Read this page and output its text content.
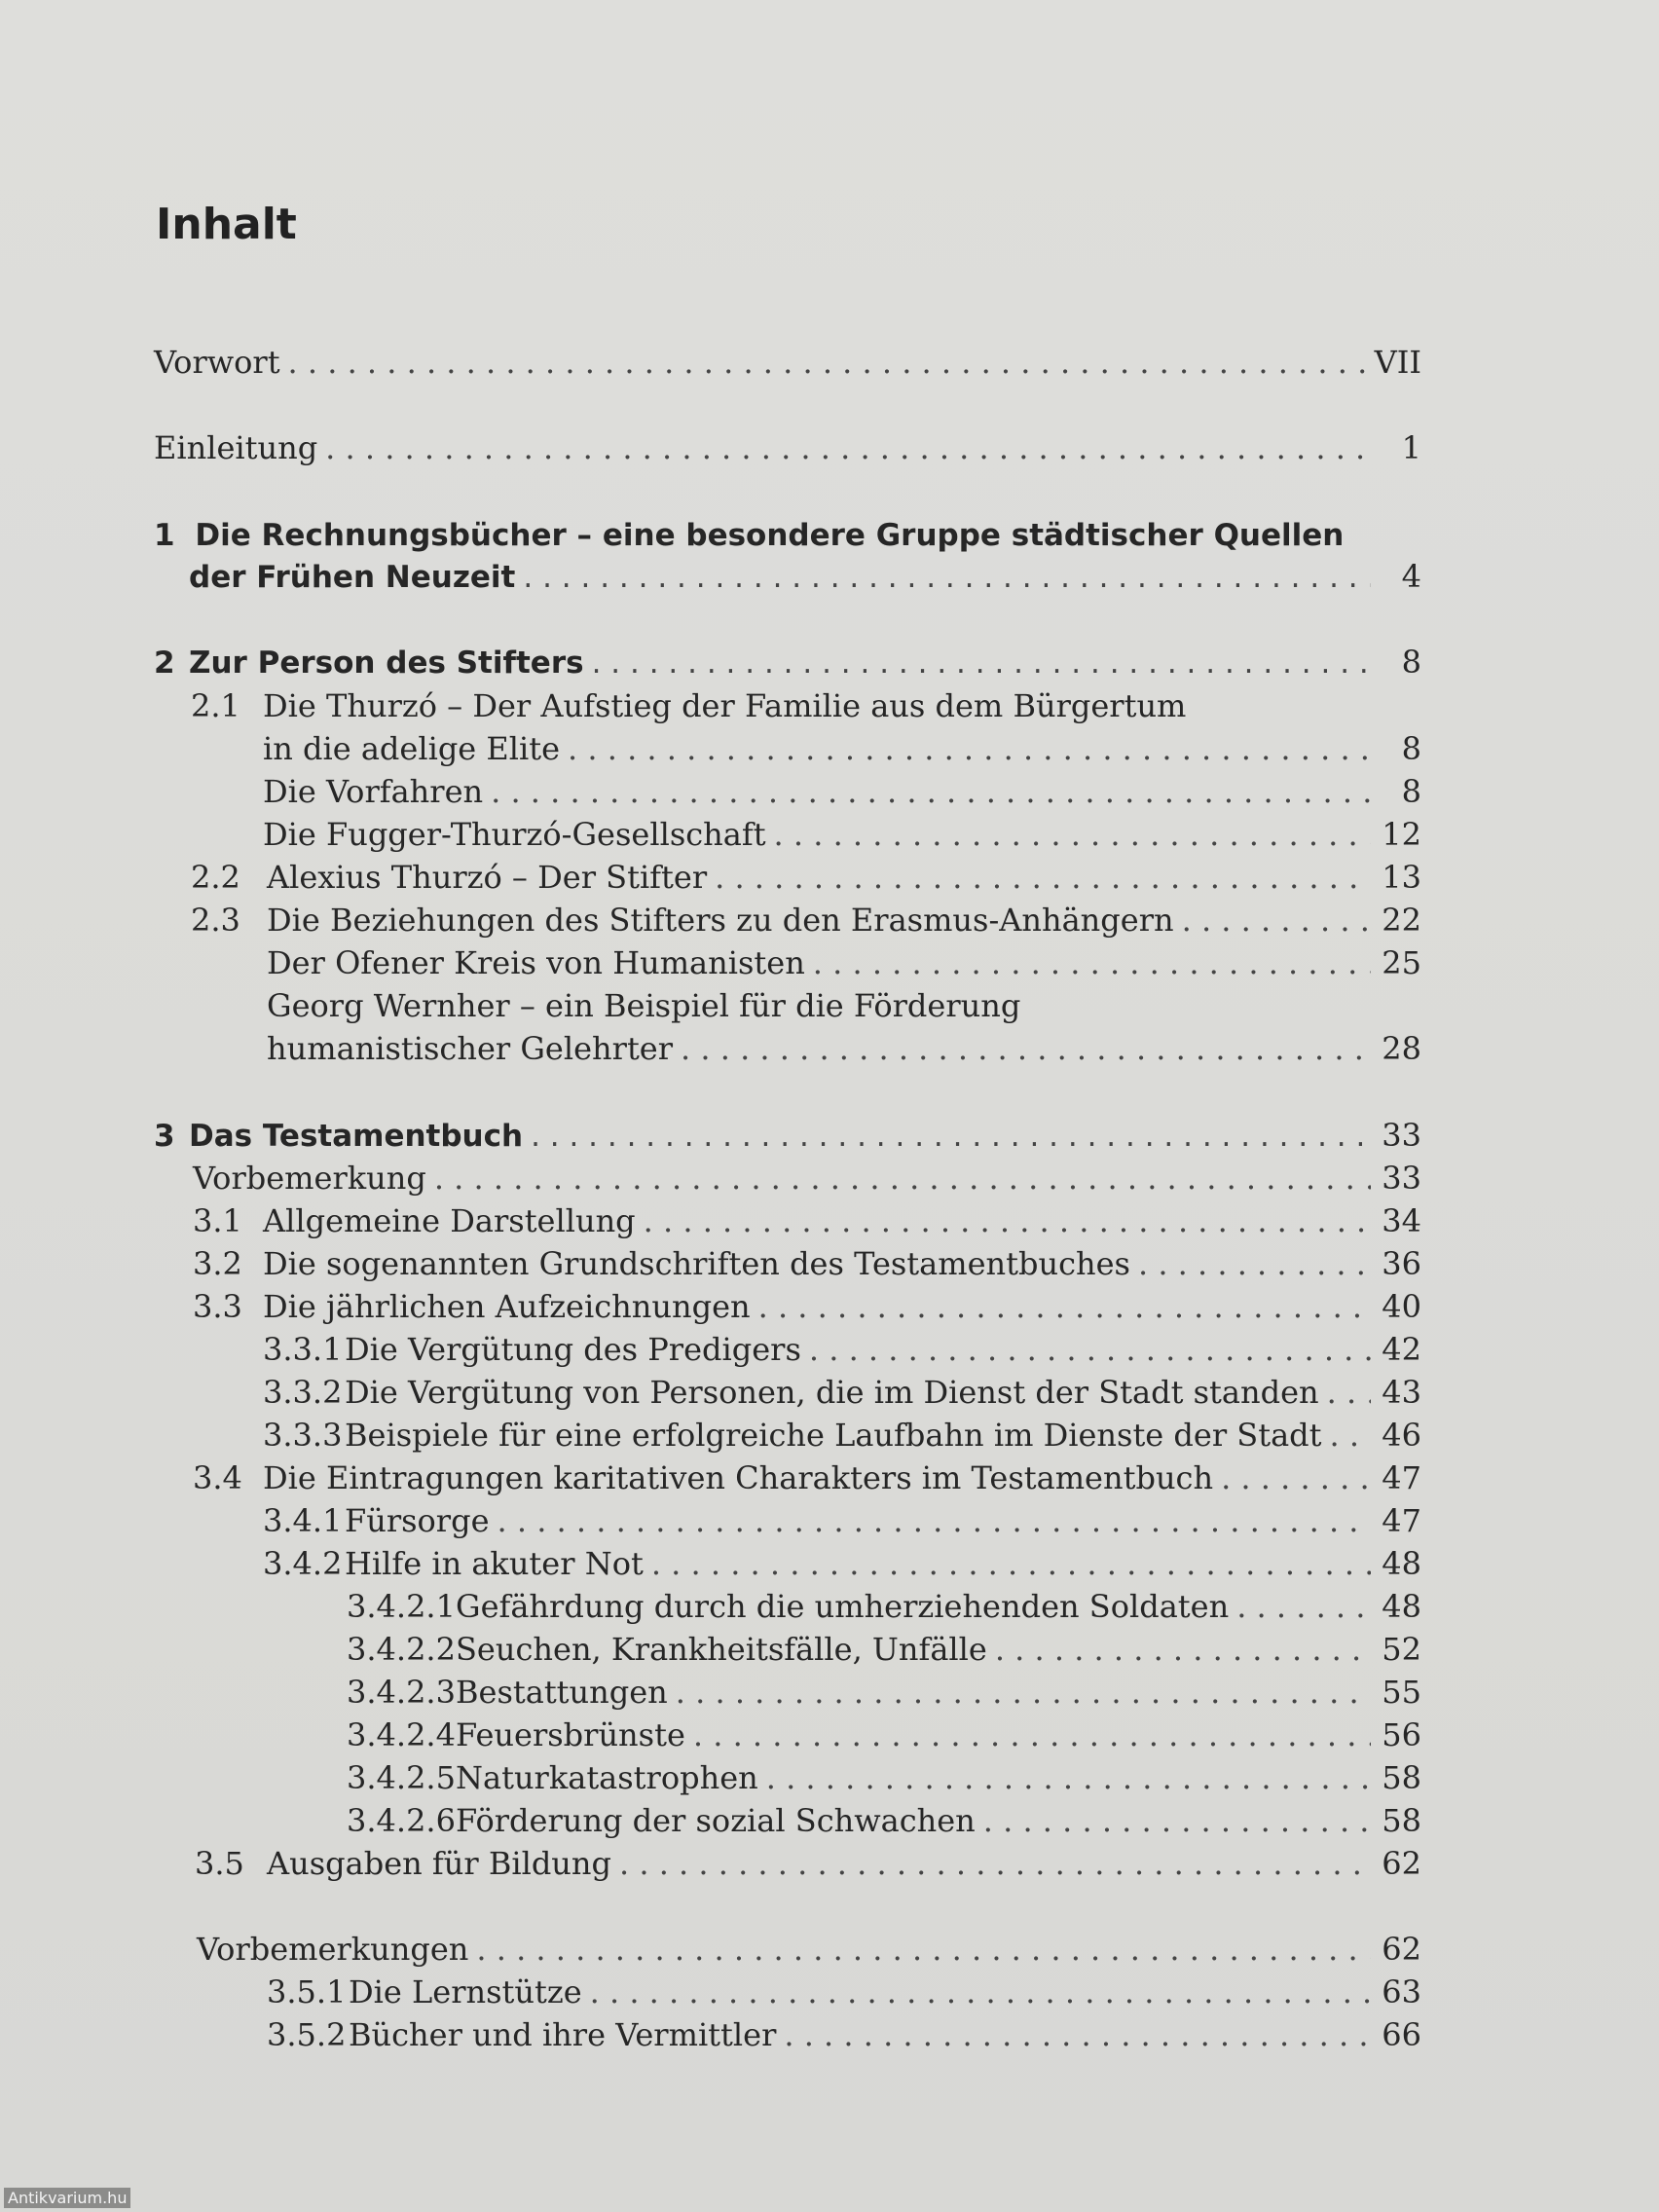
Inhalt
Vorwort . . .	VII
Einleitung . . .	1
1 Die Rechnungsbücher – eine besondere Gruppe städtischer Quellen
der Frühen Neuzeit . . .	4
2 Zur Person des Stifters . . .	8
2.1 Die Thurzó – Der Aufstieg der Familie aus dem Bürgertum
in die adelige Elite . . .	8
Die Vorfahren . . .	8
Die Fugger-Thurzó-Gesellschaft . . .	12
2.2 Alexius Thurzó – Der Stifter . . .	13
2.3 Die Beziehungen des Stifters zu den Erasmus-Anhängern . . .	22
Der Ofener Kreis von Humanisten . . .	25
Georg Wernher – ein Beispiel für die Förderung
humanistischer Gelehrter . . .	28
3 Das Testamentbuch . . .	33
Vorbemerkung . . .	33
3.1 Allgemeine Darstellung . . .	34
3.2 Die sogenannten Grundschriften des Testamentbuches . . .	36
3.3 Die jährlichen Aufzeichnungen . . .	40
3.3.1 Die Vergütung des Predigers . . .	42
3.3.2 Die Vergütung von Personen, die im Dienst der Stadt standen . . . 43
3.3.3 Beispiele für eine erfolgreiche Laufbahn im Dienste der Stadt . . . 46
3.4 Die Eintragungen karitativen Charakters im Testamentbuch . . .	47
3.4.1 Fürsorge . . .	47
3.4.2 Hilfe in akuter Not . . .	48
3.4.2.1 Gefährdung durch die umherziehenden Soldaten . . .	48
3.4.2.2 Seuchen, Krankheitsfälle, Unfälle . . .	52
3.4.2.3 Bestattungen . . .	55
3.4.2.4 Feuersbrünste . . .	56
3.4.2.5 Naturkatastrophen . . .	58
3.4.2.6 Förderung der sozial Schwachen . . .	58
3.5 Ausgaben für Bildung . . .	62
Vorbemerkungen . . .	62
3.5.1 Die Lernstütze . . .	63
3.5.2 Bücher und ihre Vermittler . . .	66
Antikvarium.hu
